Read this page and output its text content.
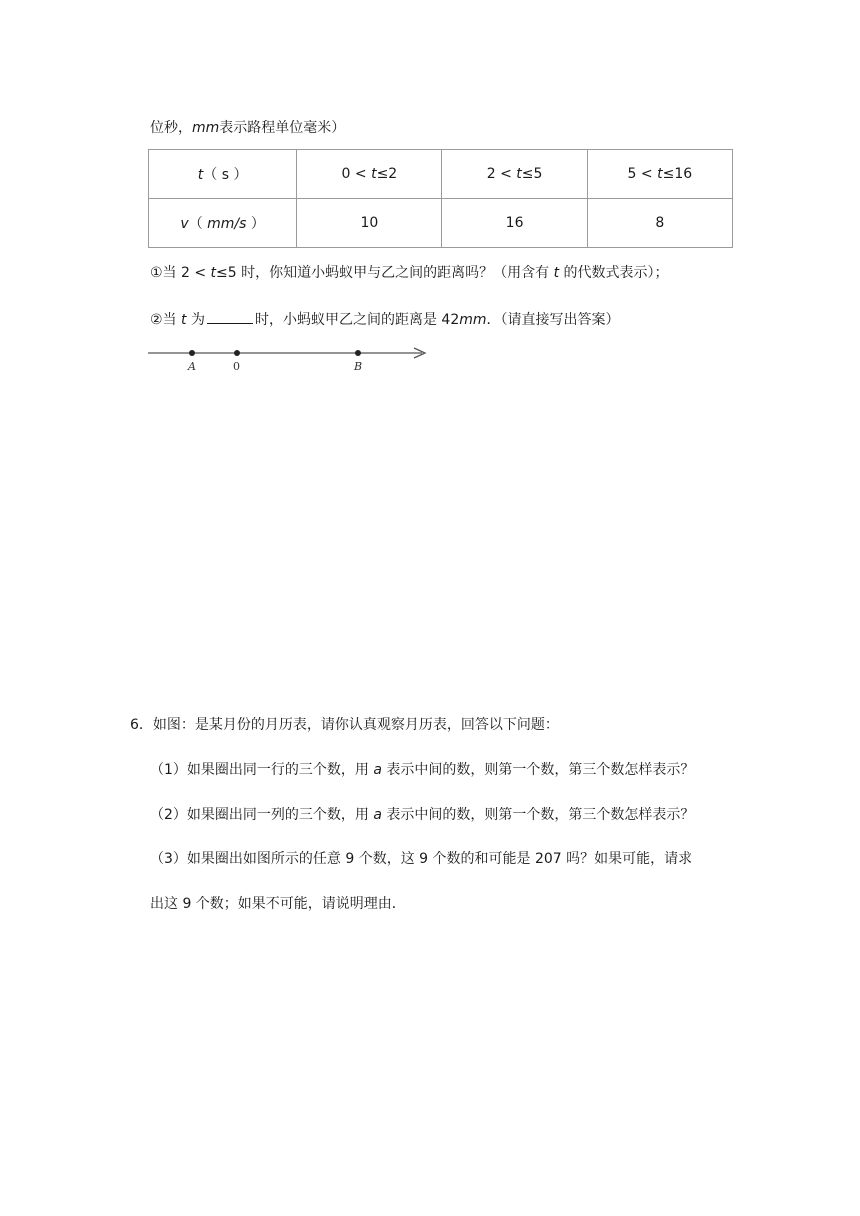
位秒，mm表示路程单位毫米）
t（ s ）	0 < t≤2	2 < t≤5	5 < t≤16
v（ mm/s ）	10	16	8
①当 2 < t≤5 时，你知道小蚂蚁甲与乙之间的距离吗？（用含有 t 的代数式表示）；
②当 t 为	时，小蚂蚁甲乙之间的距离是 42mm．（请直接写出答案）
A	0	B
6．如图：是某月份的月历表，请你认真观察月历表，回答以下问题：
（1）如果圈出同一行的三个数，用 a 表示中间的数，则第一个数，第三个数怎样表示？
（2）如果圈出同一列的三个数，用 a 表示中间的数，则第一个数，第三个数怎样表示？
（3）如果圈出如图所示的任意 9 个数，这 9 个数的和可能是 207 吗？如果可能，请求
出这 9 个数；如果不可能，请说明理由．
